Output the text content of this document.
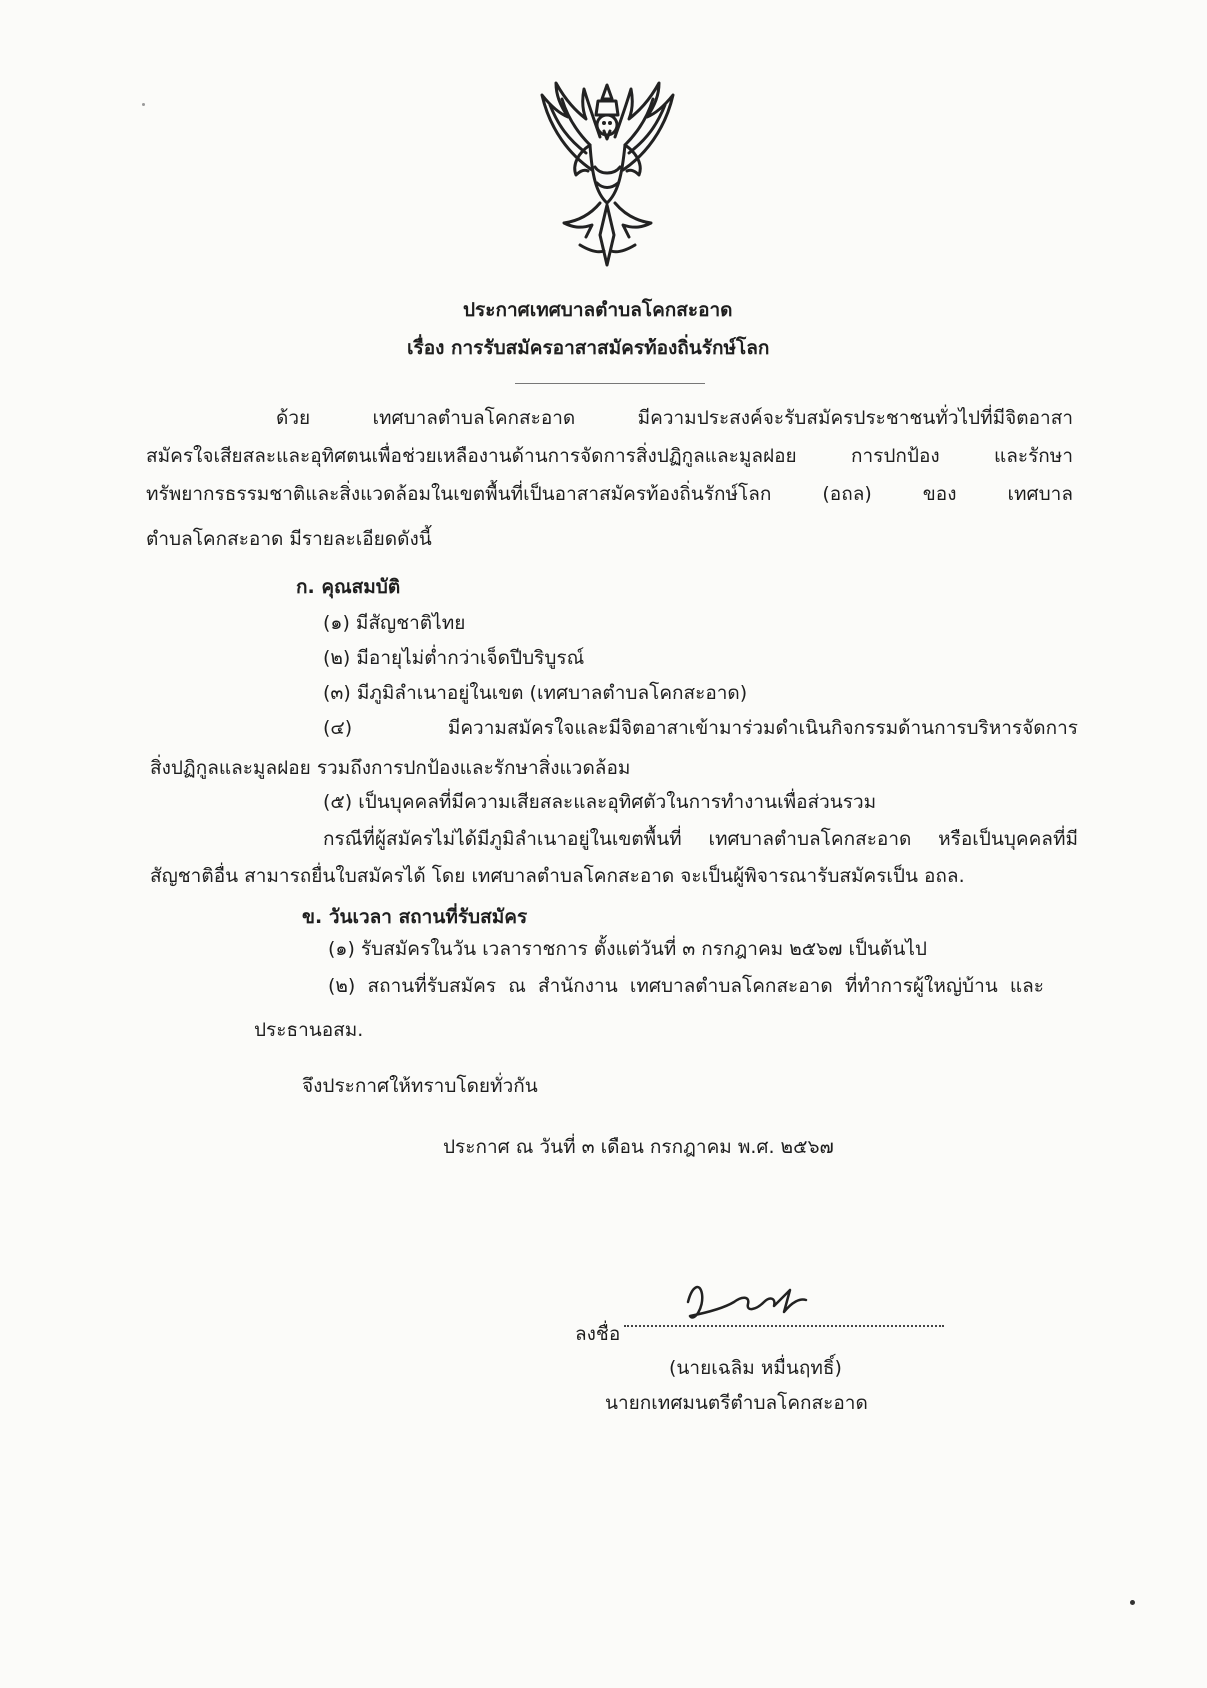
ประกาศเทศบาลตำบลโคกสะอาด
เรื่อง การรับสมัครอาสาสมัครท้องถิ่นรักษ์โลก
ด้วย เทศบาลตำบลโคกสะอาด มีความประสงค์จะรับสมัครประชาชนทั่วไปที่มีจิตอาสา
สมัครใจเสียสละและอุทิศตนเพื่อช่วยเหลืองานด้านการจัดการสิ่งปฏิกูลและมูลฝอย การปกป้อง และรักษา
ทรัพยากรธรรมชาติและสิ่งแวดล้อมในเขตพื้นที่เป็นอาสาสมัครท้องถิ่นรักษ์โลก (อถล) ของ เทศบาล
ตำบลโคกสะอาด มีรายละเอียดดังนี้
ก. คุณสมบัติ
(๑) มีสัญชาติไทย
(๒) มีอายุไม่ต่ำกว่าเจ็ดปีบริบูรณ์
(๓) มีภูมิลำเนาอยู่ในเขต (เทศบาลตำบลโคกสะอาด)
(๔) มีความสมัครใจและมีจิตอาสาเข้ามาร่วมดำเนินกิจกรรมด้านการบริหารจัดการ
สิ่งปฏิกูลและมูลฝอย รวมถึงการปกป้องและรักษาสิ่งแวดล้อม
(๕) เป็นบุคคลที่มีความเสียสละและอุทิศตัวในการทำงานเพื่อส่วนรวม
กรณีที่ผู้สมัครไม่ได้มีภูมิลำเนาอยู่ในเขตพื้นที่ เทศบาลตำบลโคกสะอาด หรือเป็นบุคคลที่มี
สัญชาติอื่น สามารถยื่นใบสมัครได้ โดย เทศบาลตำบลโคกสะอาด จะเป็นผู้พิจารณารับสมัครเป็น อถล.
ข. วันเวลา สถานที่รับสมัคร
(๑) รับสมัครในวัน เวลาราชการ ตั้งแต่วันที่ ๓ กรกฎาคม ๒๕๖๗ เป็นต้นไป
(๒) สถานที่รับสมัคร ณ สำนักงาน เทศบาลตำบลโคกสะอาด ที่ทำการผู้ใหญ่บ้าน และ
ประธานอสม.
จึงประกาศให้ทราบโดยทั่วกัน
ประกาศ ณ วันที่ ๓ เดือน กรกฎาคม พ.ศ. ๒๕๖๗
ลงชื่อ
(นายเฉลิม หมื่นฤทธิ์)
นายกเทศมนตรีตำบลโคกสะอาด
